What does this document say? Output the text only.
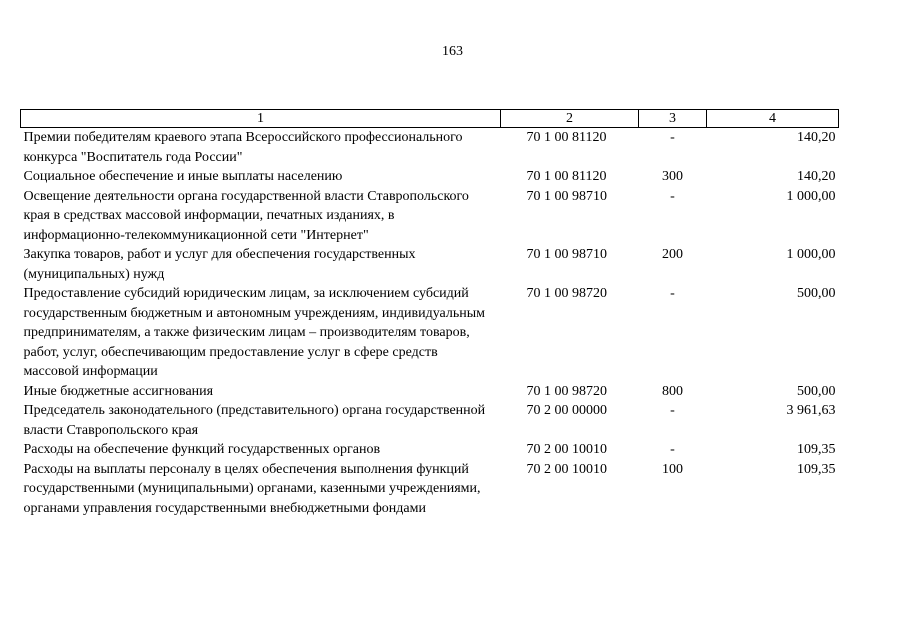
163
1	2	3	4
Премии победителям краевого этапа Всероссийского профессионального конкурса "Воспитатель года России"	70 1 00 81120	-	140,20
Социальное обеспечение и иные выплаты населению	70 1 00 81120	300	140,20
Освещение деятельности органа государственной власти Ставропольского края в средствах массовой информации, печатных изданиях, в информационно-телекоммуникационной сети "Интернет"	70 1 00 98710	-	1 000,00
Закупка товаров, работ и услуг для обеспечения государственных (муниципальных) нужд	70 1 00 98710	200	1 000,00
Предоставление субсидий юридическим лицам, за исключением субсидий государственным бюджетным и автономным учреждениям, индивидуальным предпринимателям, а также физическим лицам – производителям товаров, работ, услуг, обеспечивающим предоставление услуг в сфере средств массовой информации	70 1 00 98720	-	500,00
Иные бюджетные ассигнования	70 1 00 98720	800	500,00
Председатель законодательного (представительного) органа государственной власти Ставропольского края	70 2 00 00000	-	3 961,63
Расходы на обеспечение функций государственных органов	70 2 00 10010	-	109,35
Расходы на выплаты персоналу в целях обеспечения выполнения функций государственными (муниципальными) органами, казенными учреждениями, органами управления государственными внебюджетными фондами	70 2 00 10010	100	109,35
